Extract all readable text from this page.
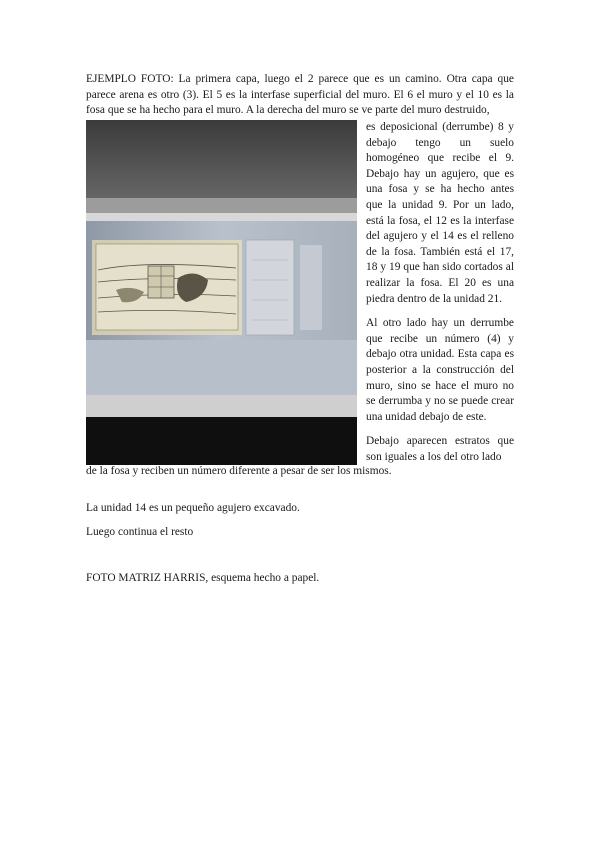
EJEMPLO FOTO: La primera capa, luego el 2 parece que es un camino. Otra capa que parece arena es otro (3). El 5 es la interfase superficial del muro. El 6 el muro y el 10 es la fosa que se ha hecho para el muro. A la derecha del muro se ve parte del muro destruido,

es deposicional (derrumbe) 8 y debajo tengo un suelo homogéneo que recibe el 9. Debajo hay un agujero, que es una fosa y se ha hecho antes que la unidad 9. Por un lado, está la fosa, el 12 es la interfase del agujero y el 14 es el relleno de la fosa. También está el 17, 18 y 19 que han sido cortados al realizar la fosa. El 20 es una piedra dentro de la unidad 21.

Al otro lado hay un derrumbe que recibe un número (4) y debajo otra unidad. Esta capa es posterior a la construcción del muro, sino se hace el muro no se derrumba y no se puede crear una unidad debajo de este.

Debajo aparecen estratos que son iguales a los del otro lado

de la fosa y reciben un número diferente a pesar de ser los mismos.

La unidad 14 es un pequeño agujero excavado.

Luego continua el resto

FOTO MATRIZ HARRIS, esquema hecho a papel.
